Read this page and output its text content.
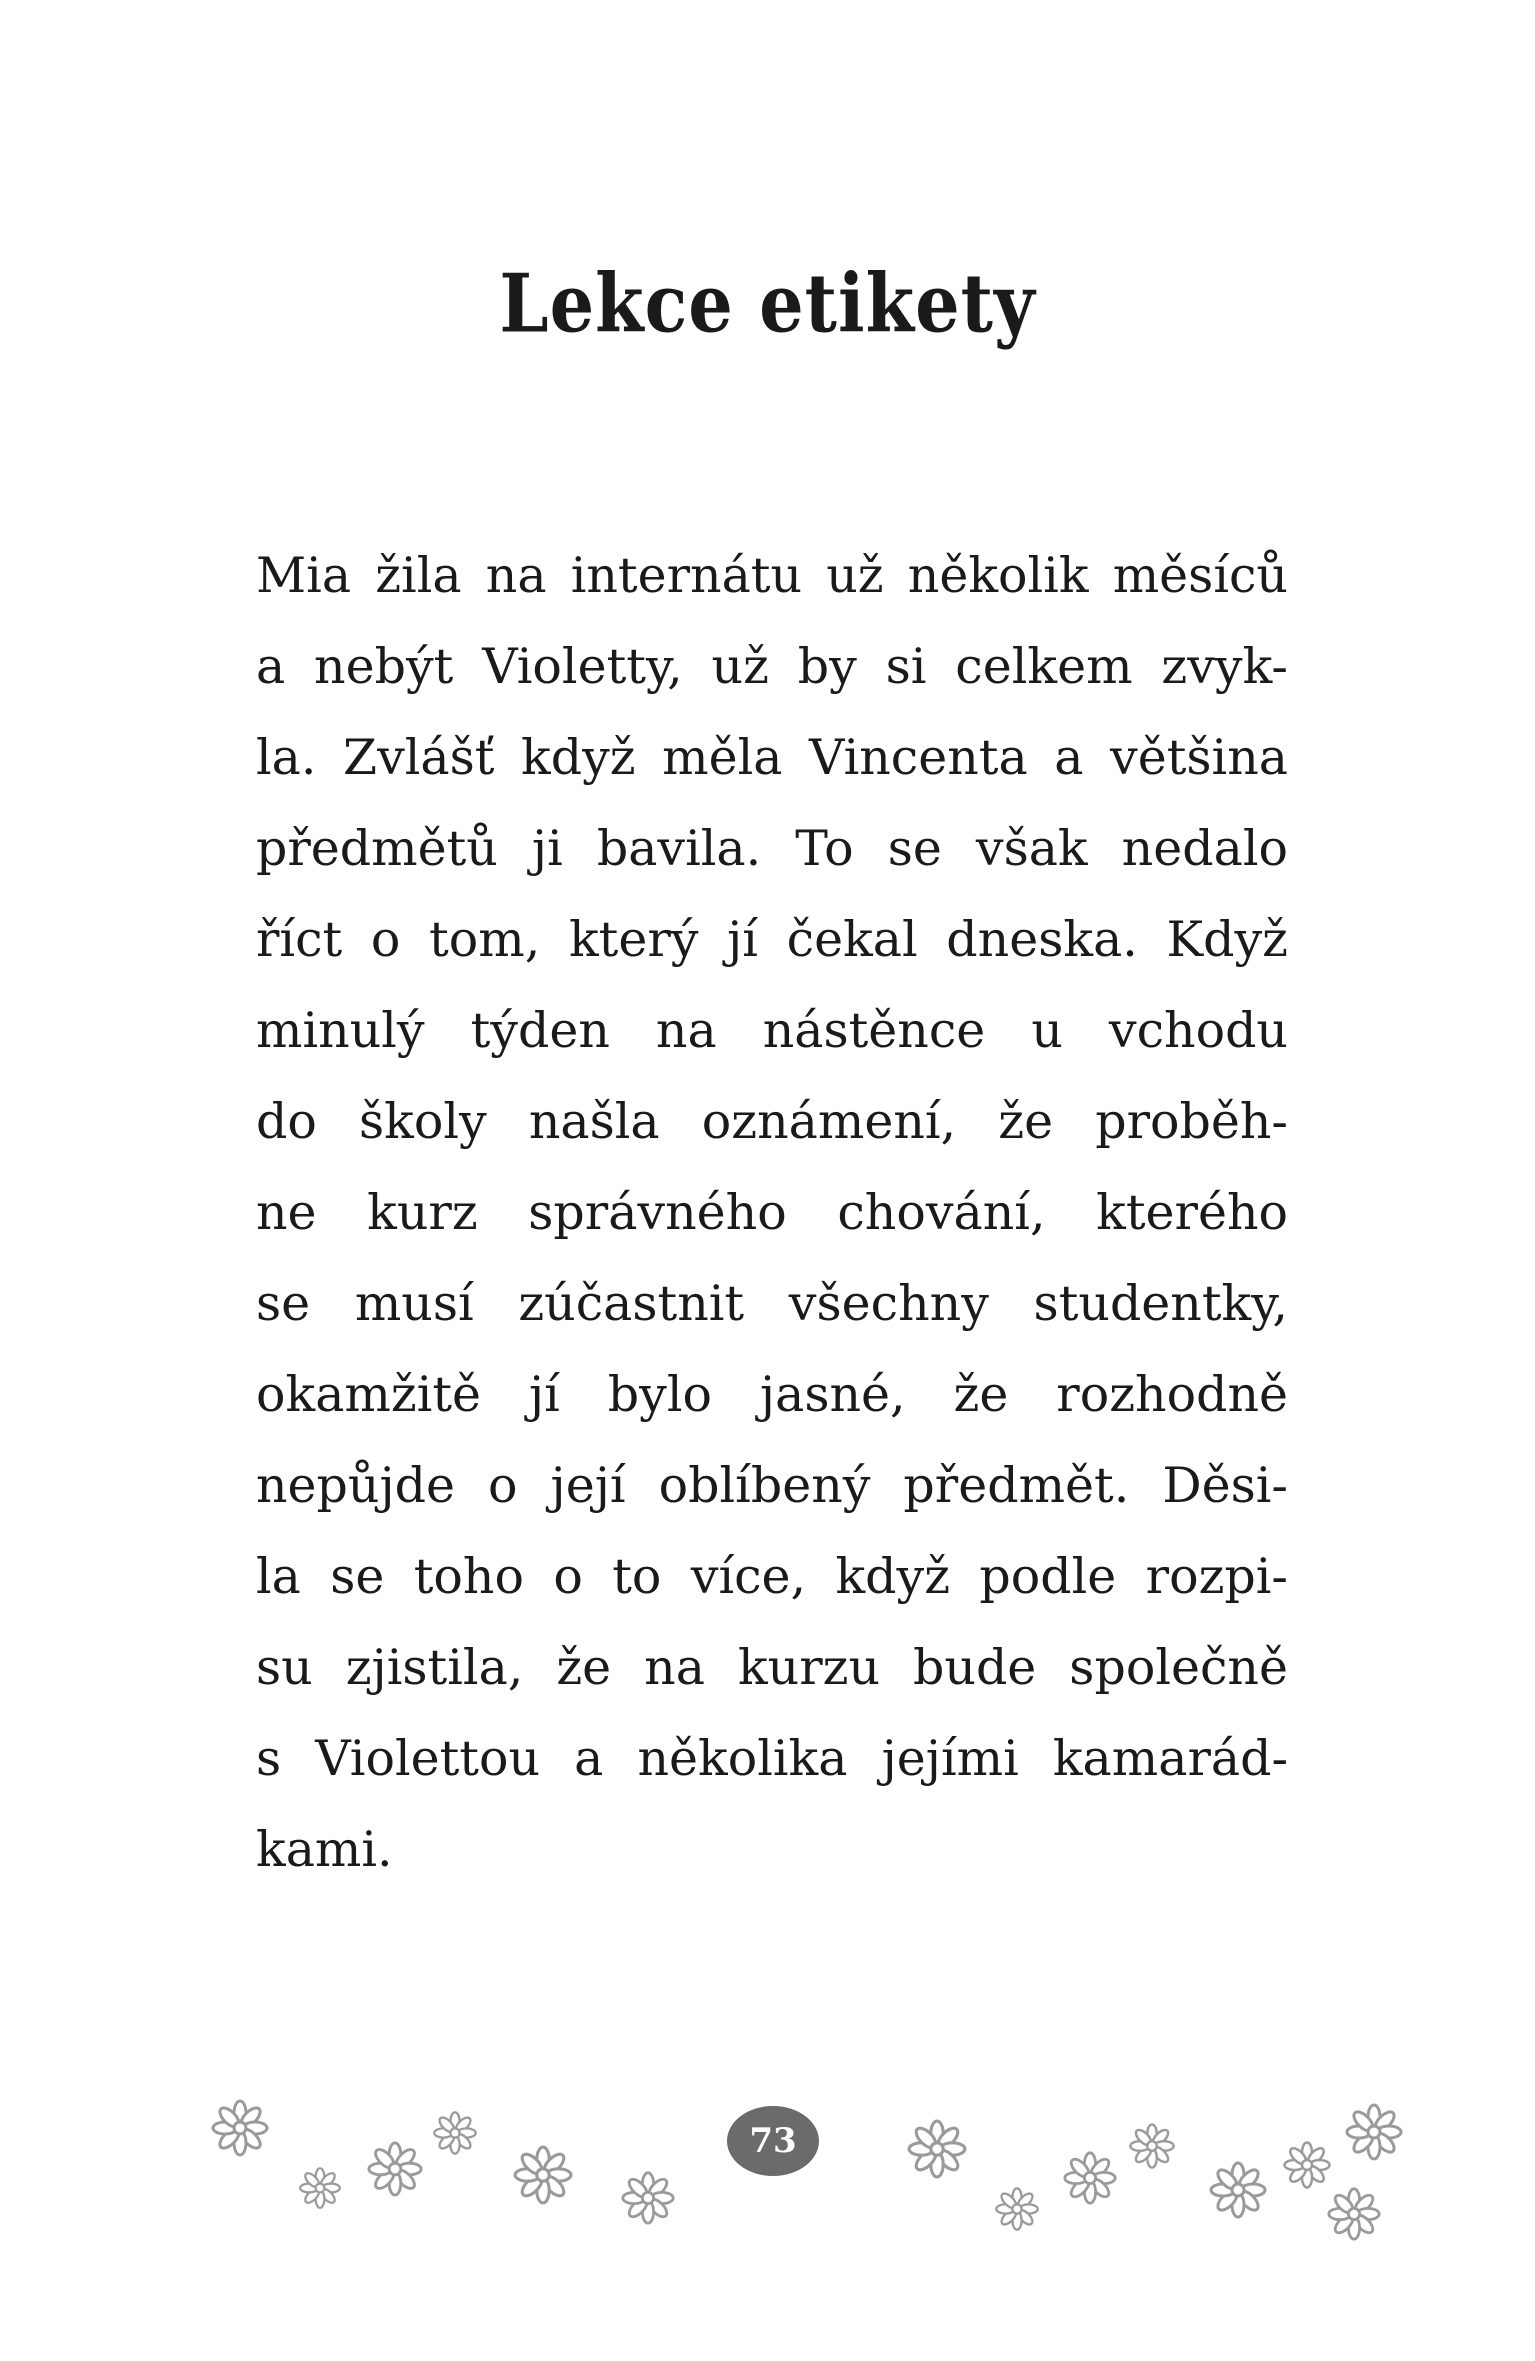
Lekce etikety
Mia žila na internátu už několik měsíců
a nebýt Violetty, už by si celkem zvyk-
la. Zvlášť když měla Vincenta a většina
předmětů ji bavila. To se však nedalo
říct o tom, který jí čekal dneska. Když
minulý týden na nástěnce u vchodu
do školy našla oznámení, že proběh-
ne kurz správného chování, kterého
se musí zúčastnit všechny studentky,
okamžitě jí bylo jasné, že rozhodně
nepůjde o její oblíbený předmět. Děsi-
la se toho o to více, když podle rozpi-
su zjistila, že na kurzu bude společně
s Violettou a několika jejími kamarád-
kami.
73
